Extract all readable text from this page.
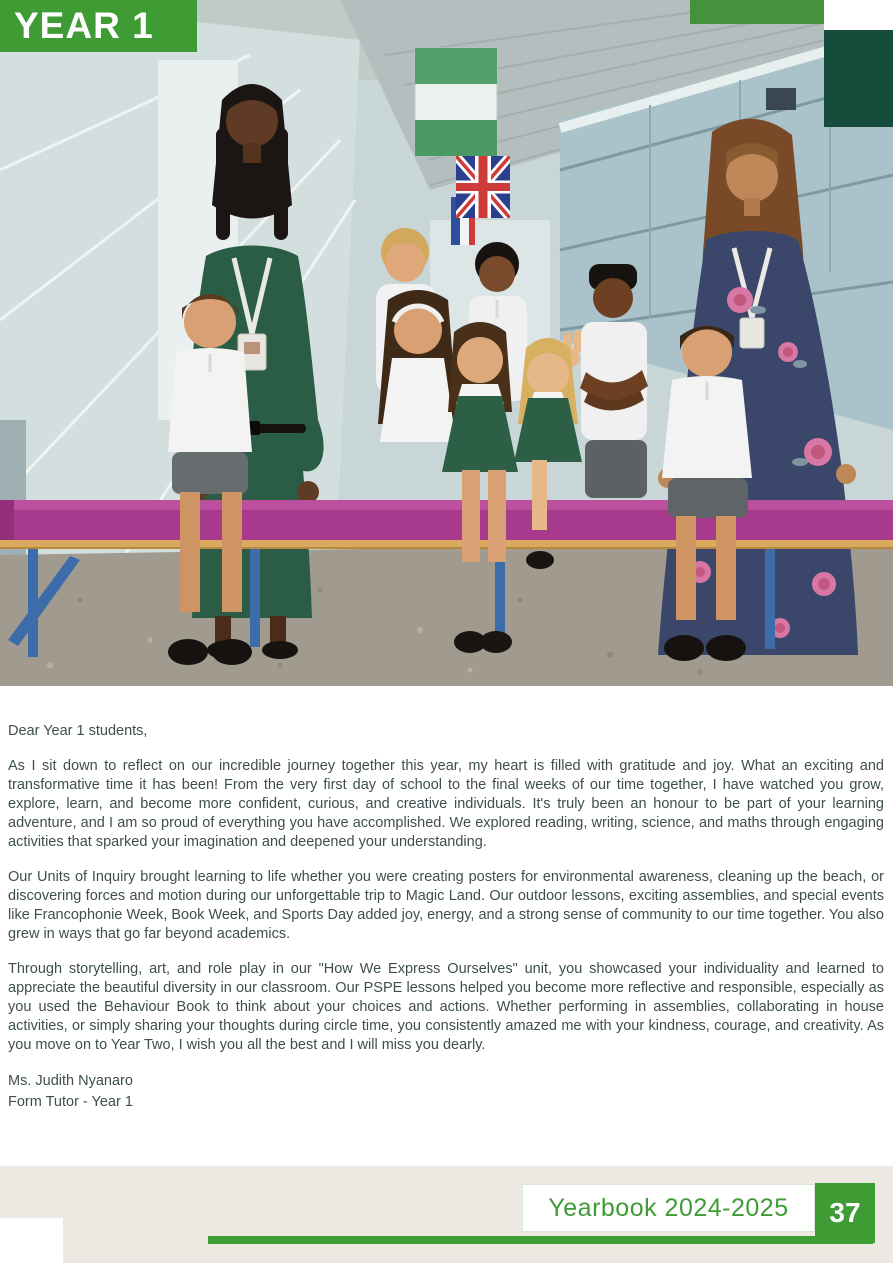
YEAR 1

Dear Year 1 students,

As I sit down to reflect on our incredible journey together this year, my heart is filled with gratitude and joy. What an exciting and transformative time it has been! From the very first day of school to the final weeks of our time together, I have watched you grow, explore, learn, and become more confident, curious, and creative individuals. It's truly been an honour to be part of your learning adventure, and I am so proud of everything you have accomplished. We explored reading, writing, science, and maths through engaging activities that sparked your imagination and deepened your understanding.

Our Units of Inquiry brought learning to life whether you were creating posters for environmental awareness, cleaning up the beach, or discovering forces and motion during our unforgettable trip to Magic Land. Our outdoor lessons, exciting assemblies, and special events like Francophonie Week, Book Week, and Sports Day added joy, energy, and a strong sense of community to our time together. You also grew in ways that go far beyond academics.

Through storytelling, art, and role play in our "How We Express Ourselves" unit, you showcased your individuality and learned to appreciate the beautiful diversity in our classroom. Our PSPE lessons helped you become more reflective and responsible, especially as you used the Behaviour Book to think about your choices and actions. Whether performing in assemblies, collaborating in house activities, or simply sharing your thoughts during circle time, you consistently amazed me with your kindness, courage, and creativity. As you move on to Year Two, I wish you all the best and I will miss you dearly.

Ms. Judith Nyanaro

Form Tutor - Year 1

Yearbook 2024-2025 37
